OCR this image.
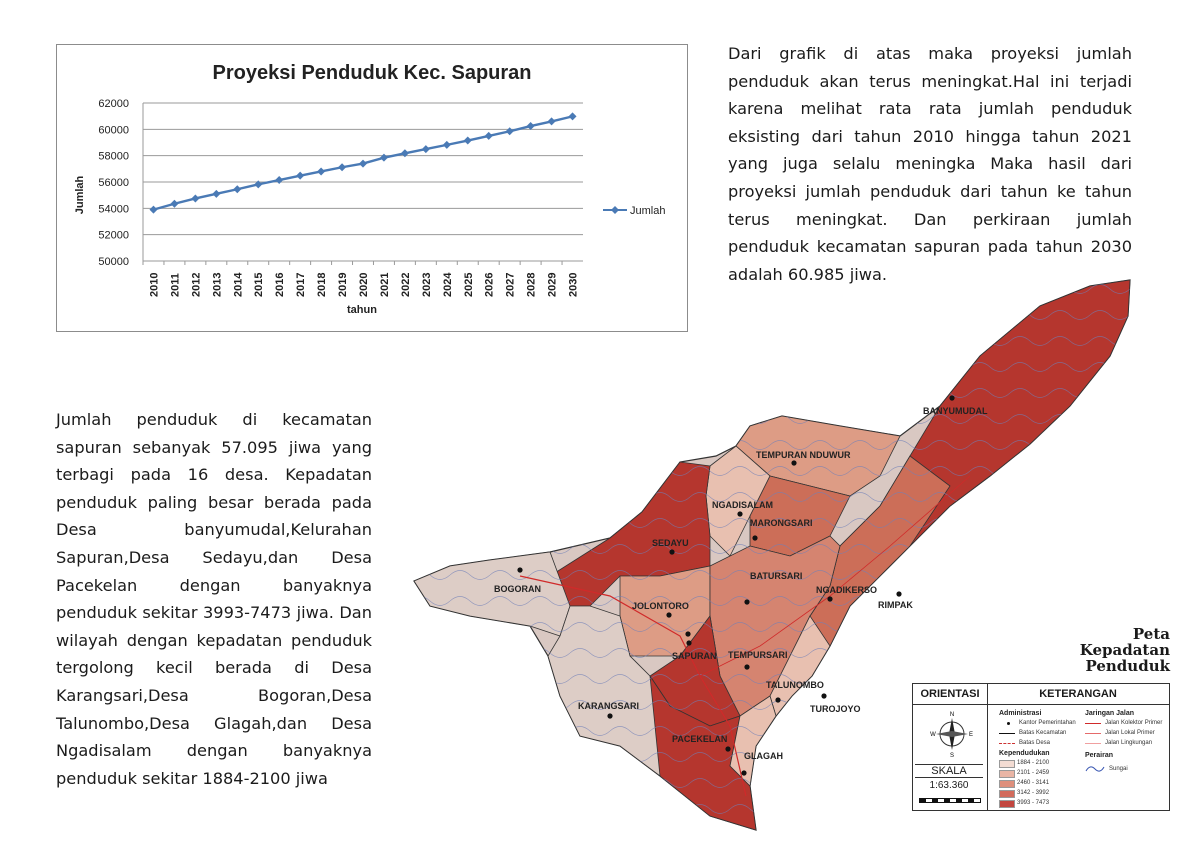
Proyeksi Penduduk Kec. Sapuran
Jumlah
tahun
50000
52000
54000
56000
58000
60000
62000
2010 2011 2012 2013 2014 2015 2016 2017 2018 2019 2020 2021 2022 2023 2024 2025 2026 2027 2028 2029 2030
Jumlah

Dari grafik di atas maka proyeksi jumlah penduduk akan terus meningkat.Hal ini terjadi karena melihat rata rata jumlah penduduk eksisting dari tahun 2010 hingga tahun 2021 yang juga selalu meningka Maka hasil dari proyeksi jumlah penduduk dari tahun ke tahun terus meningkat. Dan perkiraan jumlah penduduk kecamatan sapuran pada tahun 2030 adalah 60.985 jiwa.

Jumlah penduduk di kecamatan sapuran sebanyak 57.095 jiwa yang terbagi pada 16 desa. Kepadatan penduduk paling besar berada pada Desa banyumudal,Kelurahan Sapuran,Desa Sedayu,dan Desa Pacekelan dengan banyaknya penduduk sekitar 3993-7473 jiwa. Dan wilayah dengan kepadatan penduduk tergolong kecil berada di Desa Karangsari,Desa Bogoran,Desa Talunombo,Desa Glagah,dan Desa Ngadisalam dengan banyaknya penduduk sekitar 1884-2100 jiwa

BANYUMUDAL
TEMPURAN NDUWUR
NGADISALAM
MARONGSARI
SEDAYU
BOGORAN
BATURSARI
NGADIKERSO
RIMPAK
JOLONTORO
SAPURAN TEMPURSARI
TALUNOMBO
TUROJOYO
KARANGSARI
PACEKELAN
GLAGAH
Peta
Kepadatan
Penduduk
ORIENTASI	KETERANGAN
N
E
S
W
SKALA
1:63.360
Administrasi
Kantor Pemerintahan
Batas Kecamatan
Batas Desa
Kependudukan
1884 - 2100
2101 - 2459
2460 - 3141
3142 - 3992
3993 - 7473
Jaringan Jalan
Jalan Kolektor Primer
Jalan Lokal Primer
Jalan Lingkungan
Perairan
Sungai
